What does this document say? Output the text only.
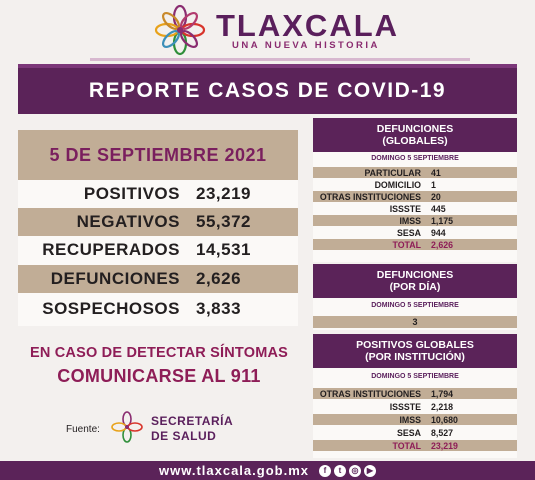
TLAXCALA
UNA NUEVA HISTORIA
REPORTE CASOS DE COVID-19
5 DE SEPTIEMBRE 2021
POSITIVOS 23,219
NEGATIVOS 55,372
RECUPERADOS 14,531
DEFUNCIONES 2,626
SOSPECHOSOS 3,833
EN CASO DE DETECTAR SÍNTOMAS
COMUNICARSE AL 911
Fuente:
SECRETARÍA
DE SALUD
DEFUNCIONES
(GLOBALES)
DOMINGO 5 SEPTIEMBRE
PARTICULAR	41
DOMICILIO	1
OTRAS INSTITUCIONES	20
ISSSTE	445
IMSS	1,175
SESA	944
TOTAL	2,626
DEFUNCIONES
(POR DÍA)
DOMINGO 5 SEPTIEMBRE
3
POSITIVOS GLOBALES
(POR INSTITUCIÓN)
DOMINGO 5 SEPTIEMBRE
OTRAS INSTITUCIONES	1,794
ISSSTE	2,218
IMSS	10,680
SESA	8,527
TOTAL	23,219
www.tlaxcala.gob.mx	f	t	◎	▶
